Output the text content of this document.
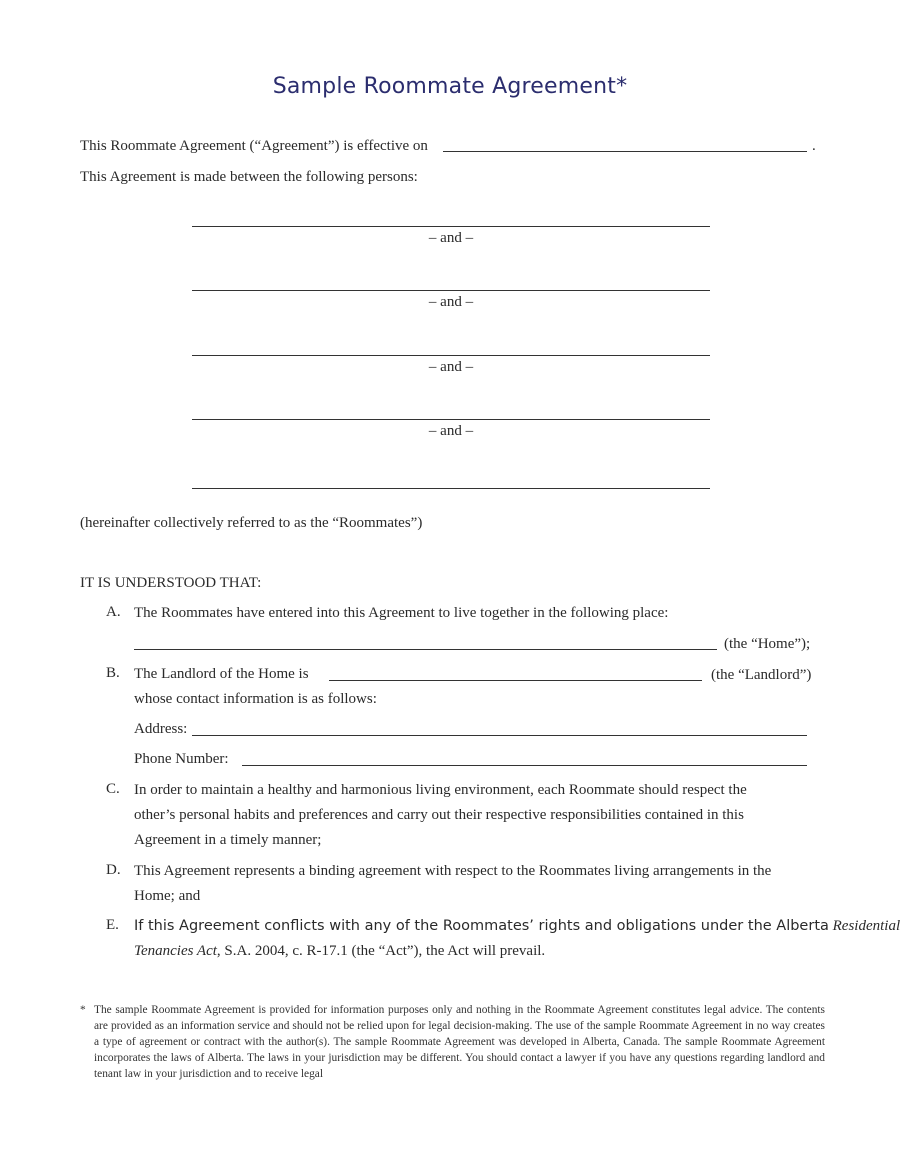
Sample Roommate Agreement*
This Roommate Agreement (“Agreement”) is effective on	.
This Agreement is made between the following persons:
– and –
– and –
– and –
– and –
(hereinafter collectively referred to as the “Roommates”)
IT IS UNDERSTOOD THAT:
A. The Roommates have entered into this Agreement to live together in the following place:
(the “Home”);
B. The Landlord of the Home is	(the “Landlord”)
whose contact information is as follows:
Address:
Phone Number:
C. In order to maintain a healthy and harmonious living environment, each Roommate should respect the
other’s personal habits and preferences and carry out their respective responsibilities contained in this
Agreement in a timely manner;
D. This Agreement represents a binding agreement with respect to the Roommates living arrangements in the
Home; and
E. If this Agreement conflicts with any of the Roommates’ rights and obligations under the Alberta Residential
Tenancies Act, S.A. 2004, c. R-17.1 (the “Act”), the Act will prevail.
* The sample Roommate Agreement is provided for information purposes only and nothing in the Roommate Agreement constitutes legal advice. The contents are provided as an information service and should not be relied upon for legal decision-making. The use of the sample Roommate Agreement in no way creates a type of agreement or contract with the author(s). The sample Roommate Agreement was developed in Alberta, Canada. The sample Roommate Agreement incorporates the laws of Alberta. The laws in your jurisdiction may be different. You should contact a lawyer if you have any questions regarding landlord and tenant law in your jurisdiction and to receive legal
